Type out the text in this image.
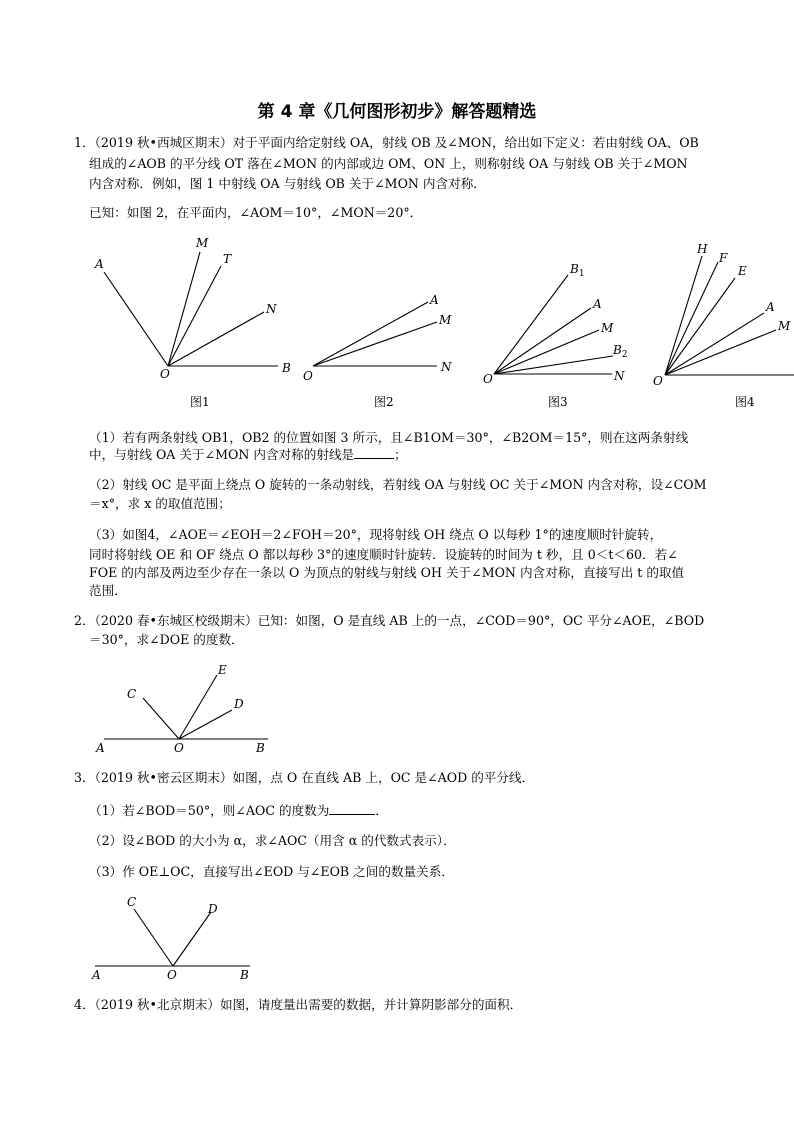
第 4 章《几何图形初步》解答题精选
1．（2019 秋•西城区期末）对于平面内给定射线 OA，射线 OB 及∠MON，给出如下定义：若由射线 OA、OB
组成的∠AOB 的平分线 OT 落在∠MON 的内部或边 OM、ON 上，则称射线 OA 与射线 OB 关于∠MON
内含对称．例如，图 1 中射线 OA 与射线 OB 关于∠MON 内含对称．
已知：如图 2，在平面内，∠AOM＝10°，∠MON＝20°．
A
M
T
N
O	B
图1
A
M
O
N
图2
$B_1$
A
M
$B_2$
O	N
图3
H
F
E
A
M
O
图4
（1）若有两条射线 OB1，OB2 的位置如图 3 所示，且∠B1OM＝30°，∠B2OM＝15°，则在这两条射线
中，与射线 OA 关于∠MON 内含对称的射线是	；
（2）射线 OC 是平面上绕点 O 旋转的一条动射线，若射线 OA 与射线 OC 关于∠MON 内含对称，设∠COM
＝x°，求 x 的取值范围；
（3）如图4，∠AOE＝∠EOH＝2∠FOH＝20°，现将射线 OH 绕点 O 以每秒 1°的速度顺时针旋转，
同时将射线 OE 和 OF 绕点 O 都以每秒 3°的速度顺时针旋转．设旋转的时间为 t 秒，且 0＜t＜60．若∠
FOE 的内部及两边至少存在一条以 O 为顶点的射线与射线 OH 关于∠MON 内含对称，直接写出 t 的取值
范围．
2．（2020 春•东城区校级期末）已知：如图，O 是直线 AB 上的一点，∠COD＝90°，OC 平分∠AOE，∠BOD
＝30°，求∠DOE 的度数．
E
C
D
A	O	B
3．（2019 秋•密云区期末）如图，点 O 在直线 AB 上，OC 是∠AOD 的平分线．
（1）若∠BOD＝50°，则∠AOC 的度数为	．
（2）设∠BOD 的大小为 α，求∠AOC（用含 α 的代数式表示）．
（3）作 OE⊥OC，直接写出∠EOD 与∠EOB 之间的数量关系．
C	D
A	O	B
4．（2019 秋•北京期末）如图，请度量出需要的数据，并计算阴影部分的面积．
